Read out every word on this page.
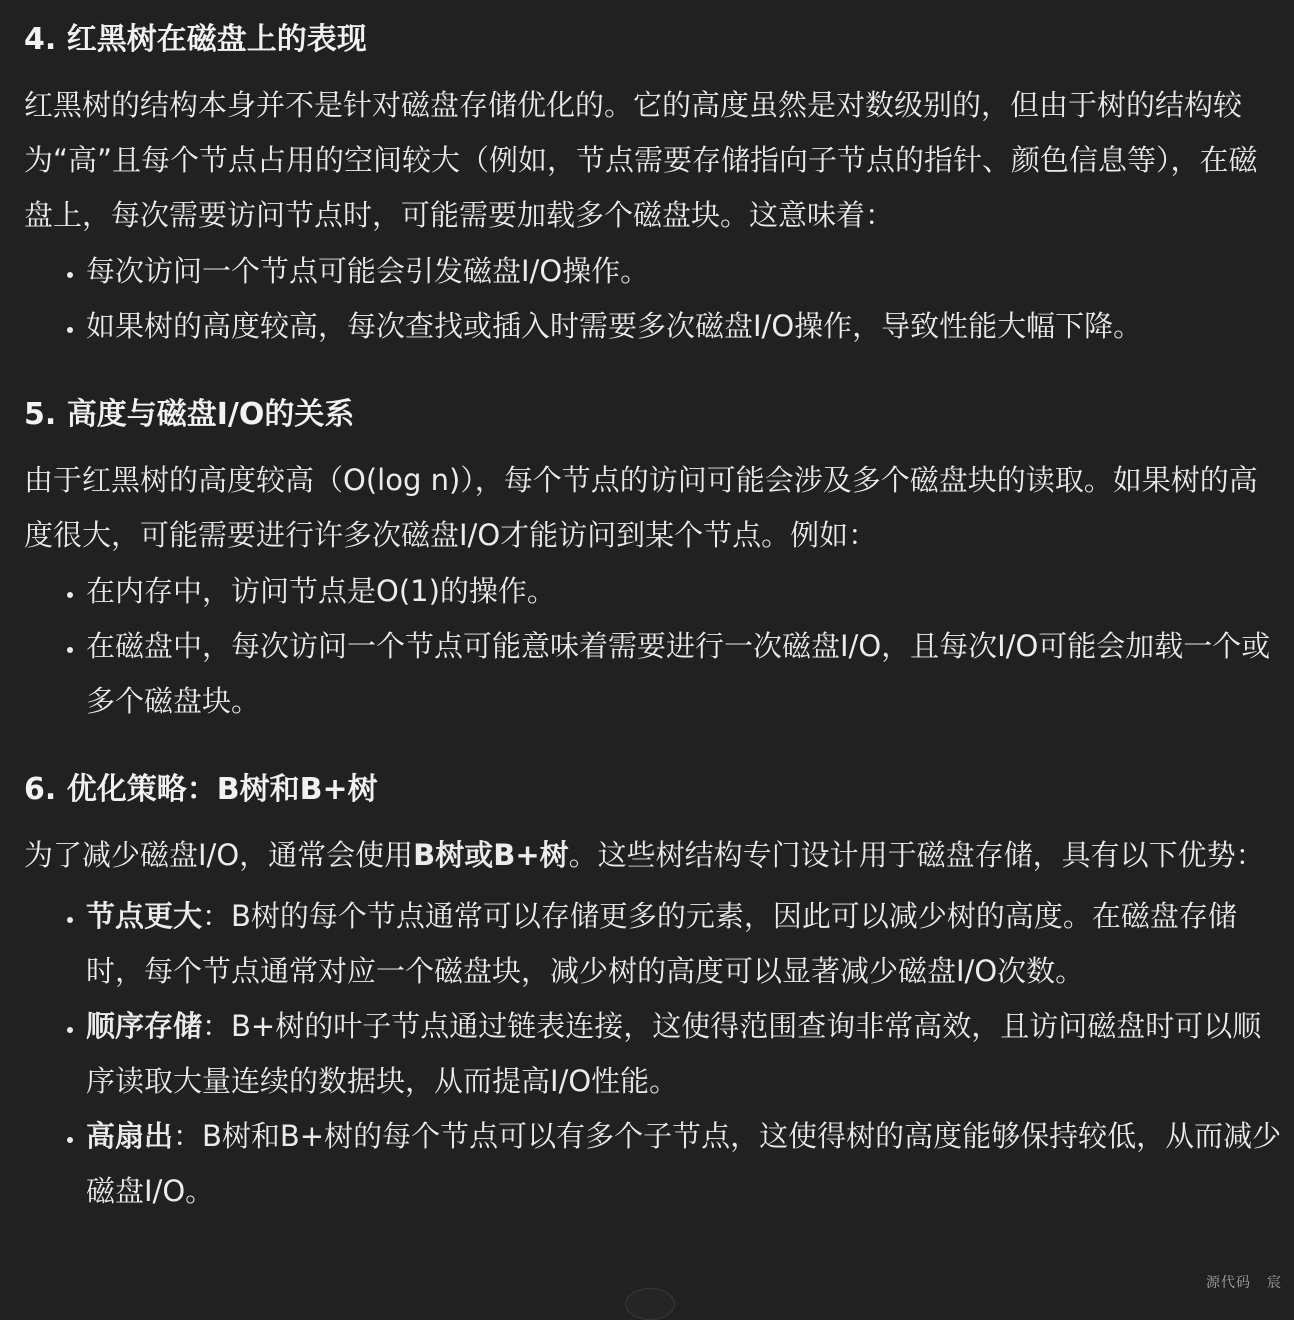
4. 红黑树在磁盘上的表现

红黑树的结构本身并不是针对磁盘存储优化的。它的高度虽然是对数级别的，但由于树的结构较为“高”且每个节点占用的空间较大（例如，节点需要存储指向子节点的指针、颜色信息等），在磁盘上，每次需要访问节点时，可能需要加载多个磁盘块。这意味着：

• 每次访问一个节点可能会引发磁盘I/O操作。
• 如果树的高度较高，每次查找或插入时需要多次磁盘I/O操作，导致性能大幅下降。
5. 高度与磁盘I/O的关系

由于红黑树的高度较高（O(log n)），每个节点的访问可能会涉及多个磁盘块的读取。如果树的高度很大，可能需要进行许多次磁盘I/O才能访问到某个节点。例如：

• 在内存中，访问节点是O(1)的操作。
• 在磁盘中，每次访问一个节点可能意味着需要进行一次磁盘I/O，且每次I/O可能会加载一个或多个磁盘块。
6. 优化策略：B树和B+树

为了减少磁盘I/O，通常会使用B树或B+树。这些树结构专门设计用于磁盘存储，具有以下优势：

• 节点更大：B树的每个节点通常可以存储更多的元素，因此可以减少树的高度。在磁盘存储时，每个节点通常对应一个磁盘块，减少树的高度可以显著减少磁盘I/O次数。
• 顺序存储：B+树的叶子节点通过链表连接，这使得范围查询非常高效，且访问磁盘时可以顺序读取大量连续的数据块，从而提高I/O性能。
• 高扇出：B树和B+树的每个节点可以有多个子节点，这使得树的高度能够保持较低，从而减少磁盘I/O。
源代码 宸
